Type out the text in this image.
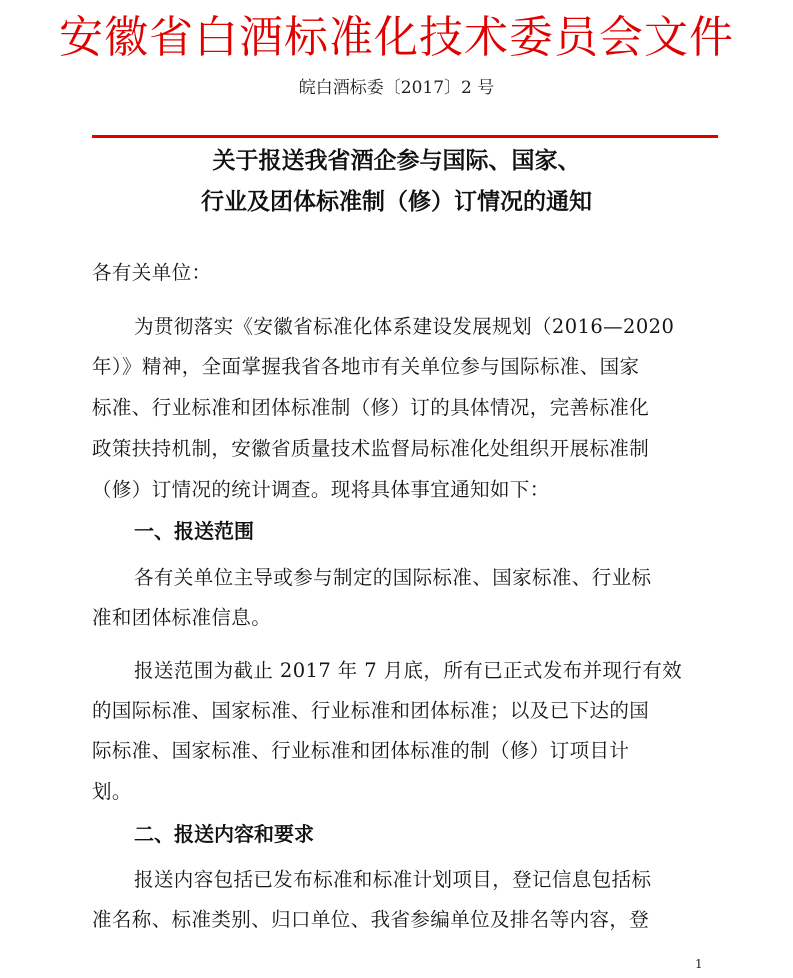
安徽省白酒标准化技术委员会文件
皖白酒标委〔2017〕2 号
关于报送我省酒企参与国际、国家、
行业及团体标准制（修）订情况的通知
各有关单位：
为贯彻落实《安徽省标准化体系建设发展规划（2016—2020
年）》精神，全面掌握我省各地市有关单位参与国际标准、国家
标准、行业标准和团体标准制（修）订的具体情况，完善标准化
政策扶持机制，安徽省质量技术监督局标准化处组织开展标准制
（修）订情况的统计调查。现将具体事宜通知如下：
一、报送范围
各有关单位主导或参与制定的国际标准、国家标准、行业标
准和团体标准信息。
报送范围为截止 2017 年 7 月底，所有已正式发布并现行有效
的国际标准、国家标准、行业标准和团体标准；以及已下达的国
际标准、国家标准、行业标准和团体标准的制（修）订项目计
划。
二、报送内容和要求
报送内容包括已发布标准和标准计划项目，登记信息包括标
准名称、标准类别、归口单位、我省参编单位及排名等内容，登
1
